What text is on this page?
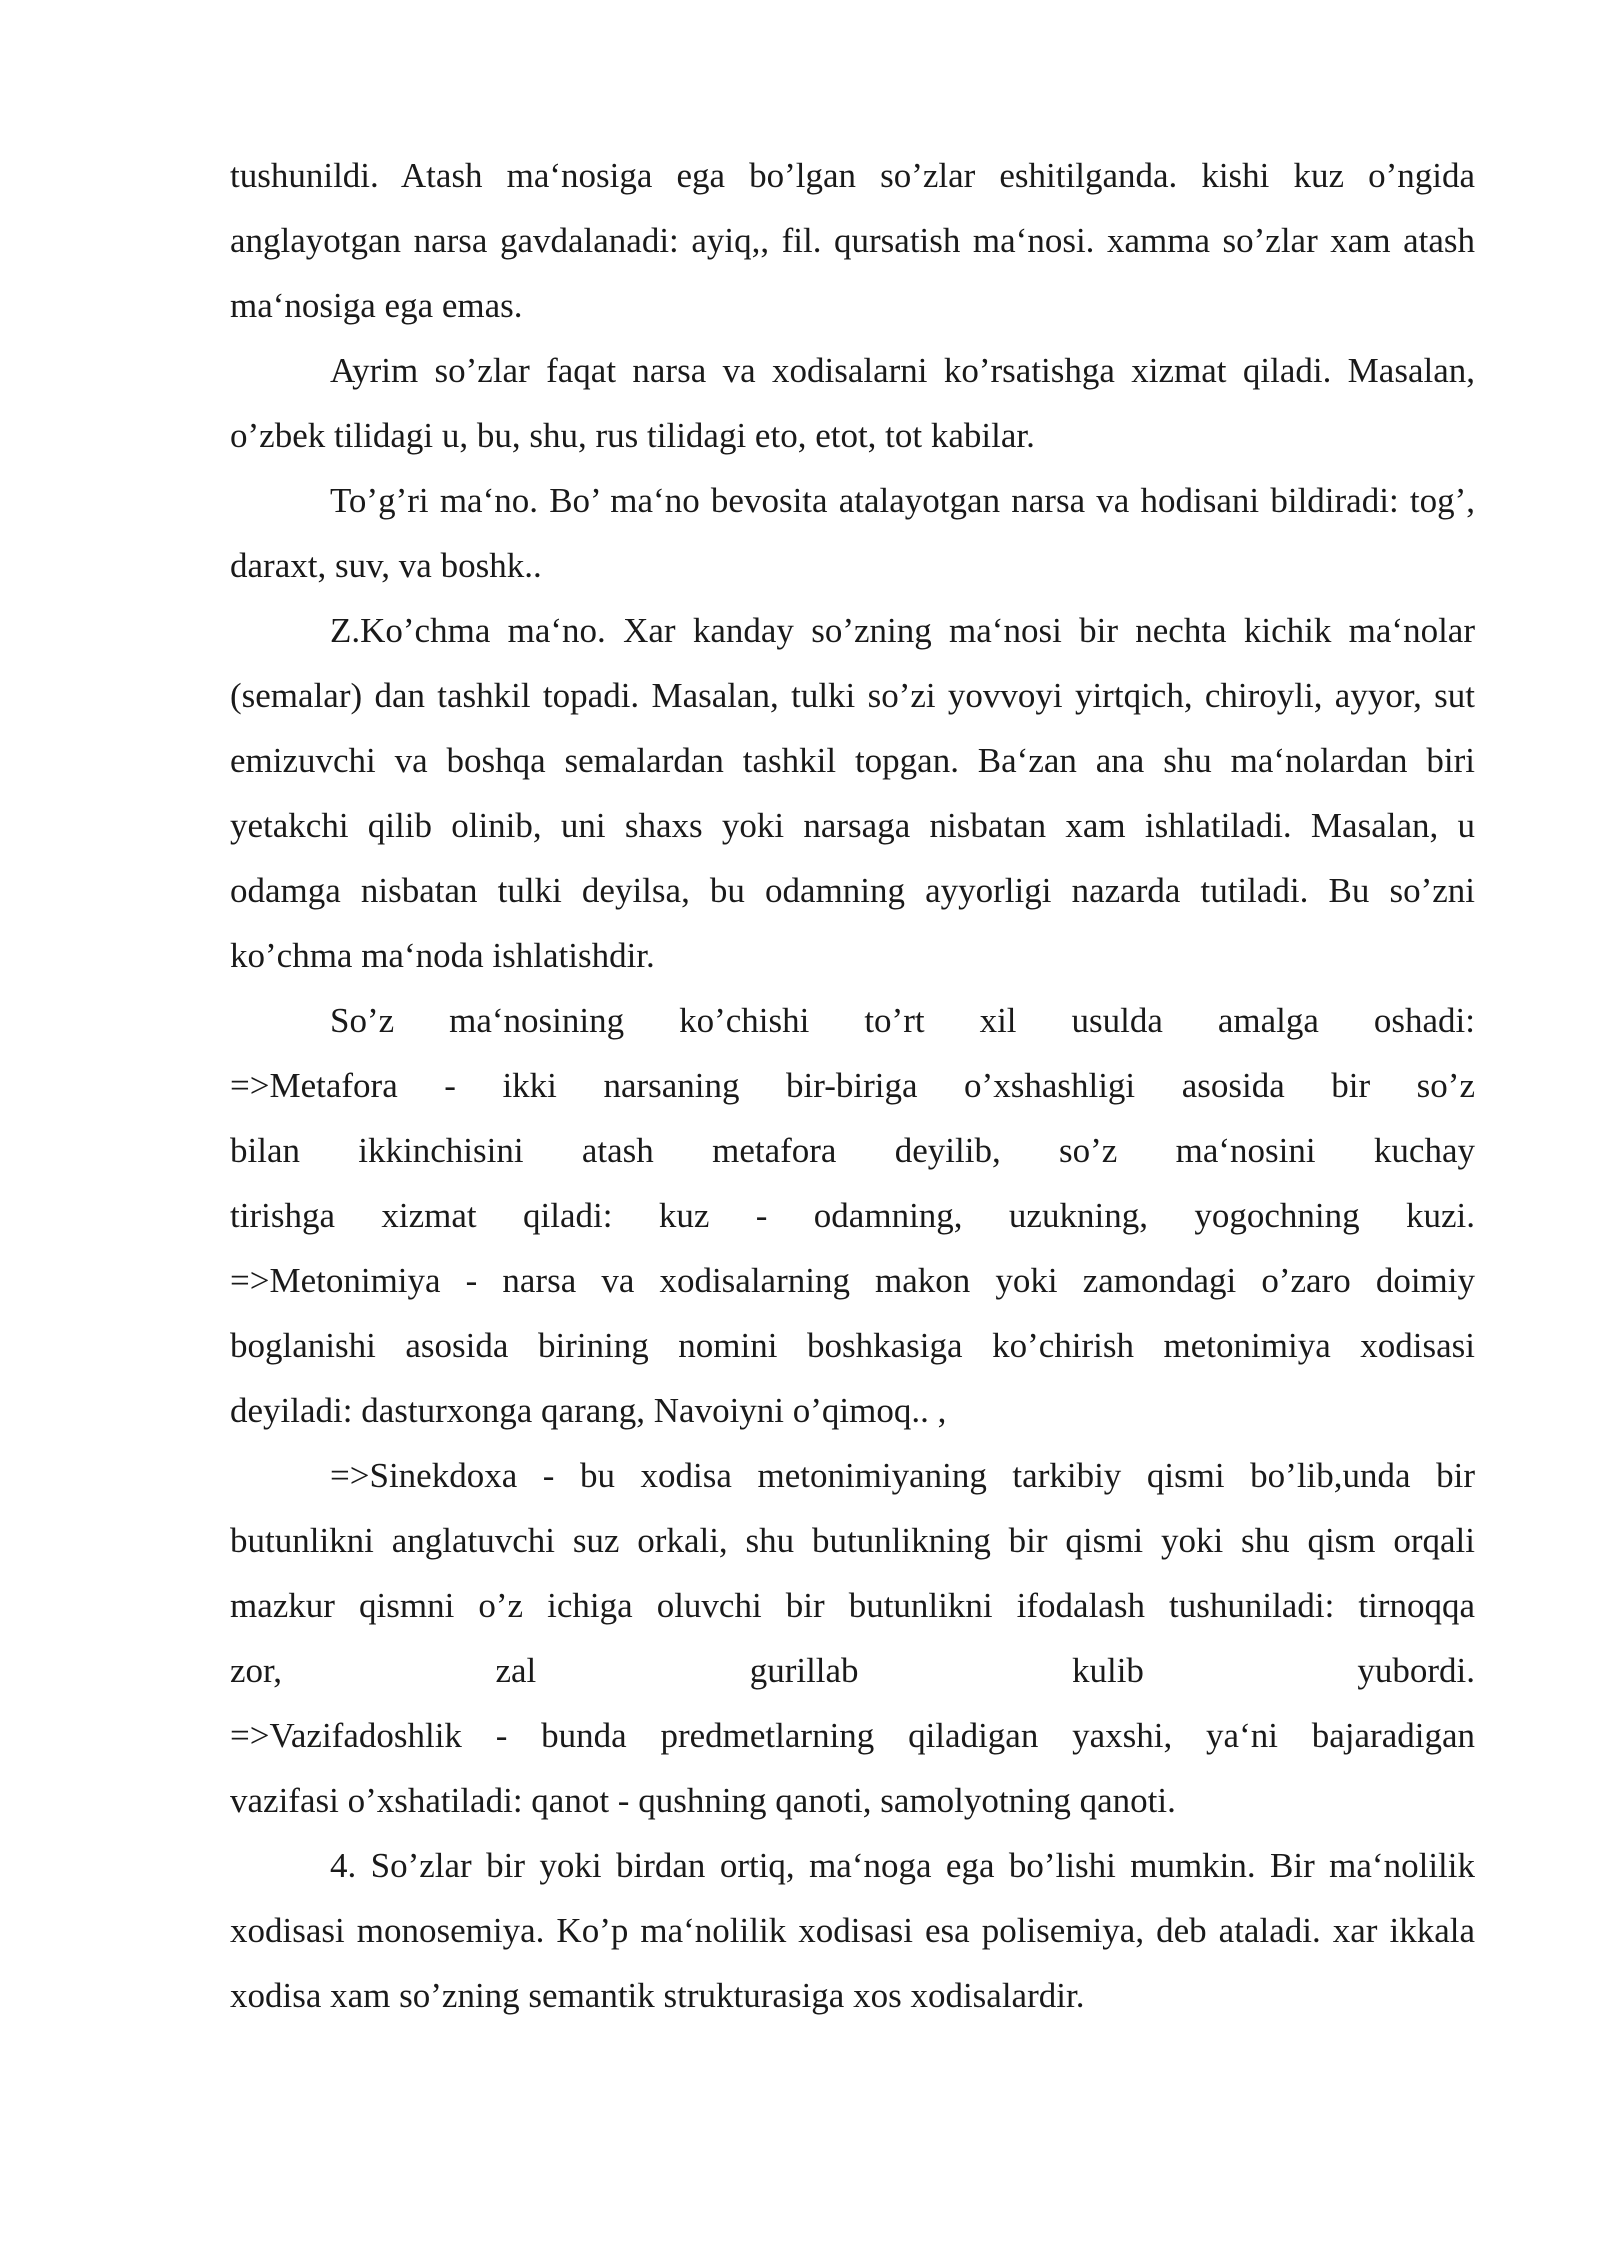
tushunildi. Atash ma‘nosiga ega bo’lgan so’zlar eshitilganda. kishi kuz o’ngida anglayotgan narsa gavdalanadi: ayiq,, fil. qursatish ma‘nosi. xamma so’zlar xam atash ma‘nosiga ega emas.

Ayrim so’zlar faqat narsa va xodisalarni ko’rsatishga xizmat qiladi. Masalan, o’zbek tilidagi u, bu, shu, rus tilidagi eto, etot, tot kabilar.

To’g’ri ma‘no. Bo’ ma‘no bevosita atalayotgan narsa va hodisani bildiradi: tog’, daraxt, suv, va boshk..

Z.Ko’chma ma‘no. Xar kanday so’zning ma‘nosi bir nechta kichik ma‘nolar (semalar) dan tashkil topadi. Masalan, tulki so’zi yovvoyi yirtqich, chiroyli, ayyor, sut emizuvchi va boshqa semalardan tashkil topgan. Ba‘zan ana shu ma‘nolardan biri yetakchi qilib olinib, uni shaxs yoki narsaga nisbatan xam ishlatiladi. Masalan, u odamga nisbatan tulki deyilsa, bu odamning ayyorligi nazarda tutiladi. Bu so’zni ko’chma ma‘noda ishlatishdir.

So’z ma‘nosining ko’chishi to’rt xil usulda amalga oshadi:
=>Metafora - ikki narsaning bir-biriga o’xshashligi asosida bir so’z
bilan ikkinchisini atash metafora deyilib, so’z ma‘nosini kuchay
tirishga xizmat qiladi: kuz - odamning, uzukning, yogochning kuzi.
=>Metonimiya - narsa va xodisalarning makon yoki zamondagi o’zaro doimiy
boglanishi asosida birining nomini boshkasiga ko’chirish metonimiya xodisasi
deyiladi: dasturxonga qarang, Navoiyni o’qimoq.. ,
=>Sinekdoxa - bu xodisa metonimiyaning tarkibiy qismi bo’lib,unda bir
butunlikni anglatuvchi suz orkali, shu butunlikning bir qismi yoki shu qism orqali
mazkur qismni o’z ichiga oluvchi bir butunlikni ifodalash tushuniladi: tirnoqqa
zor, zal gurillab kulib yubordi.
=>Vazifadoshlik - bunda predmetlarning qiladigan yaxshi, ya‘ni bajaradigan
vazifasi o’xshatiladi: qanot - qushning qanoti, samolyotning qanoti.

4. So’zlar bir yoki birdan ortiq, ma‘noga ega bo’lishi mumkin. Bir ma‘nolilik xodisasi monosemiya. Ko’p ma‘nolilik xodisasi esa polisemiya, deb ataladi. xar ikkala xodisa xam so’zning semantik strukturasiga xos xodisalardir.
